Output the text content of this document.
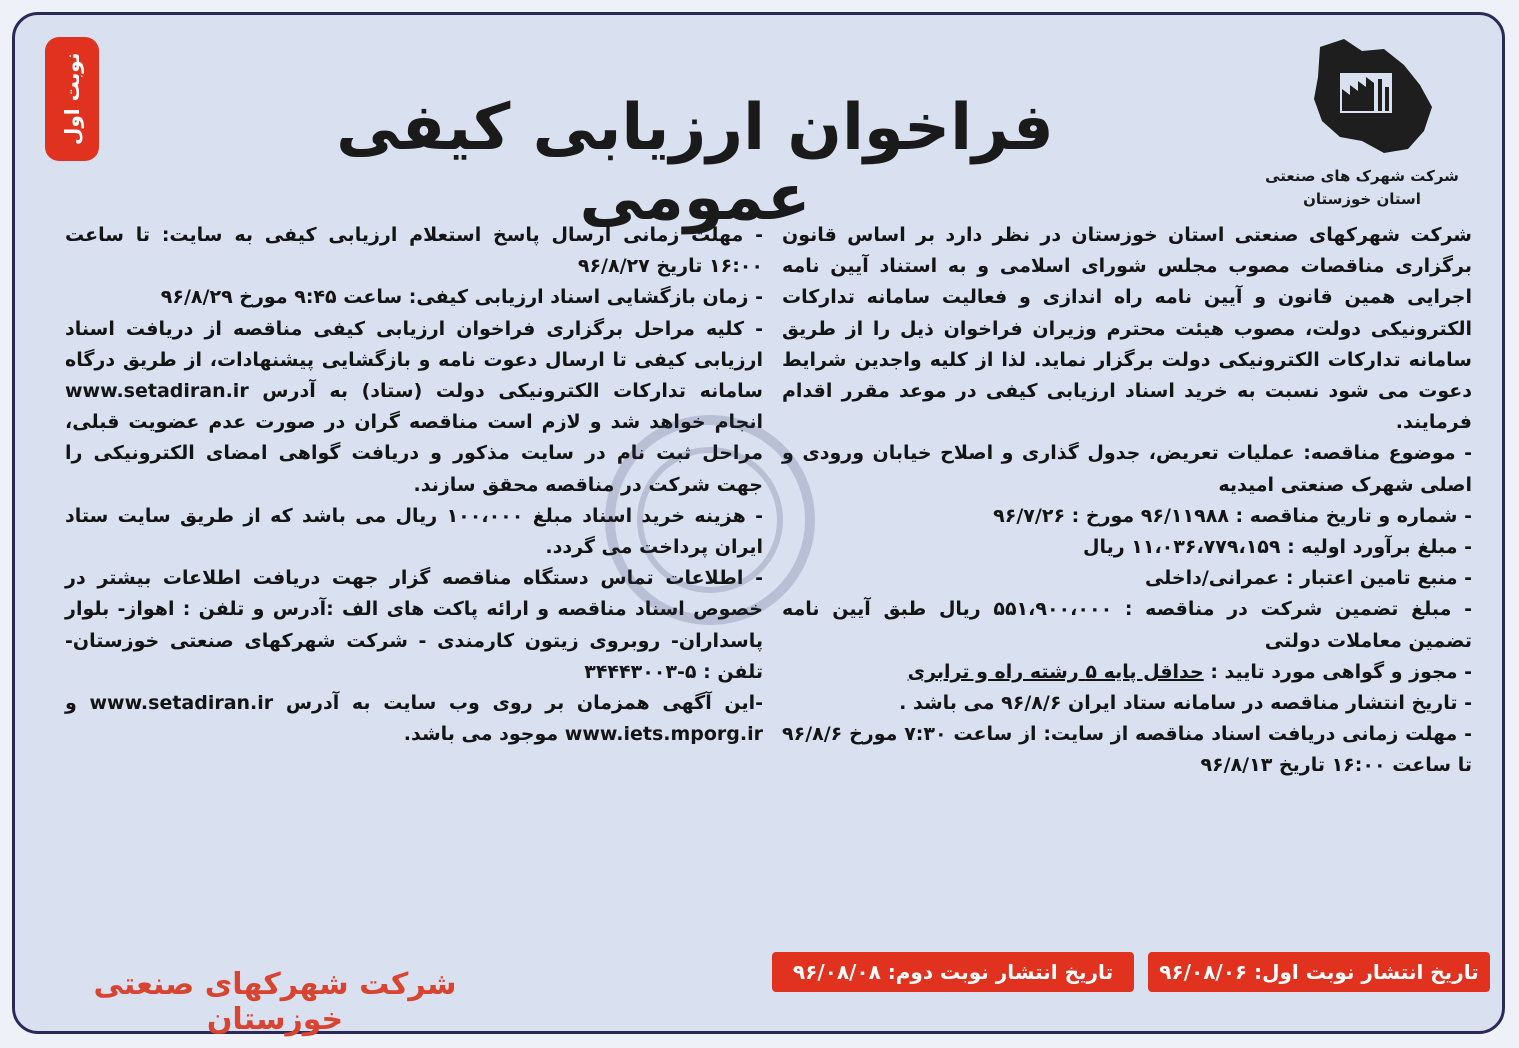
نوبت اول	فراخوان ارزیابی کیفی عمومی	شرکت شهرک های صنعتی
استان خوزستان

شرکت شهرکهای صنعتی استان خوزستان در نظر دارد بر اساس قانون برگزاری مناقصات مصوب مجلس شورای اسلامی و به استناد آیین نامه اجرایی همین قانون و آیین نامه راه اندازی و فعالیت سامانه تدارکات الکترونیکی دولت، مصوب هیئت محترم وزیران فراخوان ذیل را از طریق سامانه تدارکات الکترونیکی دولت برگزار نماید. لذا از کلیه واجدین شرایط دعوت می شود نسبت به خرید اسناد ارزیابی کیفی در موعد مقرر اقدام فرمایند.

- موضوع مناقصه: عملیات تعریض، جدول گذاری و اصلاح خیابان ورودی و اصلی شهرک صنعتی امیدیه

- شماره و تاریخ مناقصه : ۹۶/۱۱۹۸۸ مورخ : ۹۶/۷/۲۶

- مبلغ برآورد اولیه : ۱۱،۰۳۶،۷۷۹،۱۵۹ ریال

- منبع تامین اعتبار : عمرانی/داخلی

- مبلغ تضمین شرکت در مناقصه : ۵۵۱،۹۰۰،۰۰۰ ریال طبق آیین نامه تضمین معاملات دولتی

- مجوز و گواهی مورد تایید : حداقل پایه ۵ رشته راه و ترابری

- تاریخ انتشار مناقصه در سامانه ستاد ایران ۹۶/۸/۶ می باشد .

- مهلت زمانی دریافت اسناد مناقصه از سایت: از ساعت ۷:۳۰ مورخ ۹۶/۸/۶ تا ساعت ۱۶:۰۰ تاریخ ۹۶/۸/۱۳

- مهلت زمانی ارسال پاسخ استعلام ارزیابی کیفی به سایت: تا ساعت ۱۶:۰۰ تاریخ ۹۶/۸/۲۷

- زمان بازگشایی اسناد ارزیابی کیفی: ساعت ۹:۴۵ مورخ ۹۶/۸/۲۹

- کلیه مراحل برگزاری فراخوان ارزیابی کیفی مناقصه از دریافت اسناد ارزیابی کیفی تا ارسال دعوت نامه و بازگشایی پیشنهادات، از طریق درگاه سامانه تدارکات الکترونیکی دولت (ستاد) به آدرس www.setadiran.ir انجام خواهد شد و لازم است مناقصه گران در صورت عدم عضویت قبلی، مراحل ثبت نام در سایت مذکور و دریافت گواهی امضای الکترونیکی را جهت شرکت در مناقصه محقق سازند.

- هزینه خرید اسناد مبلغ ۱۰۰،۰۰۰ ریال می باشد که از طریق سایت ستاد ایران پرداخت می گردد.

- اطلاعات تماس دستگاه مناقصه گزار جهت دریافت اطلاعات بیشتر در خصوص اسناد مناقصه و ارائه پاکت های الف :آدرس و تلفن : اهواز- بلوار پاسداران- روبروی زیتون کارمندی - شرکت شهرکهای صنعتی خوزستان- تلفن : ۵-۳۴۴۴۳۰۰۳

-این آگهی همزمان بر روی وب سایت به آدرس www.setadiran.ir و www.iets.mporg.ir موجود می باشد.

شرکت شهرکهای صنعتی خوزستان
تاریخ انتشار نوبت اول: ۹۶/۰۸/۰۶
تاریخ انتشار نوبت دوم: ۹۶/۰۸/۰۸
